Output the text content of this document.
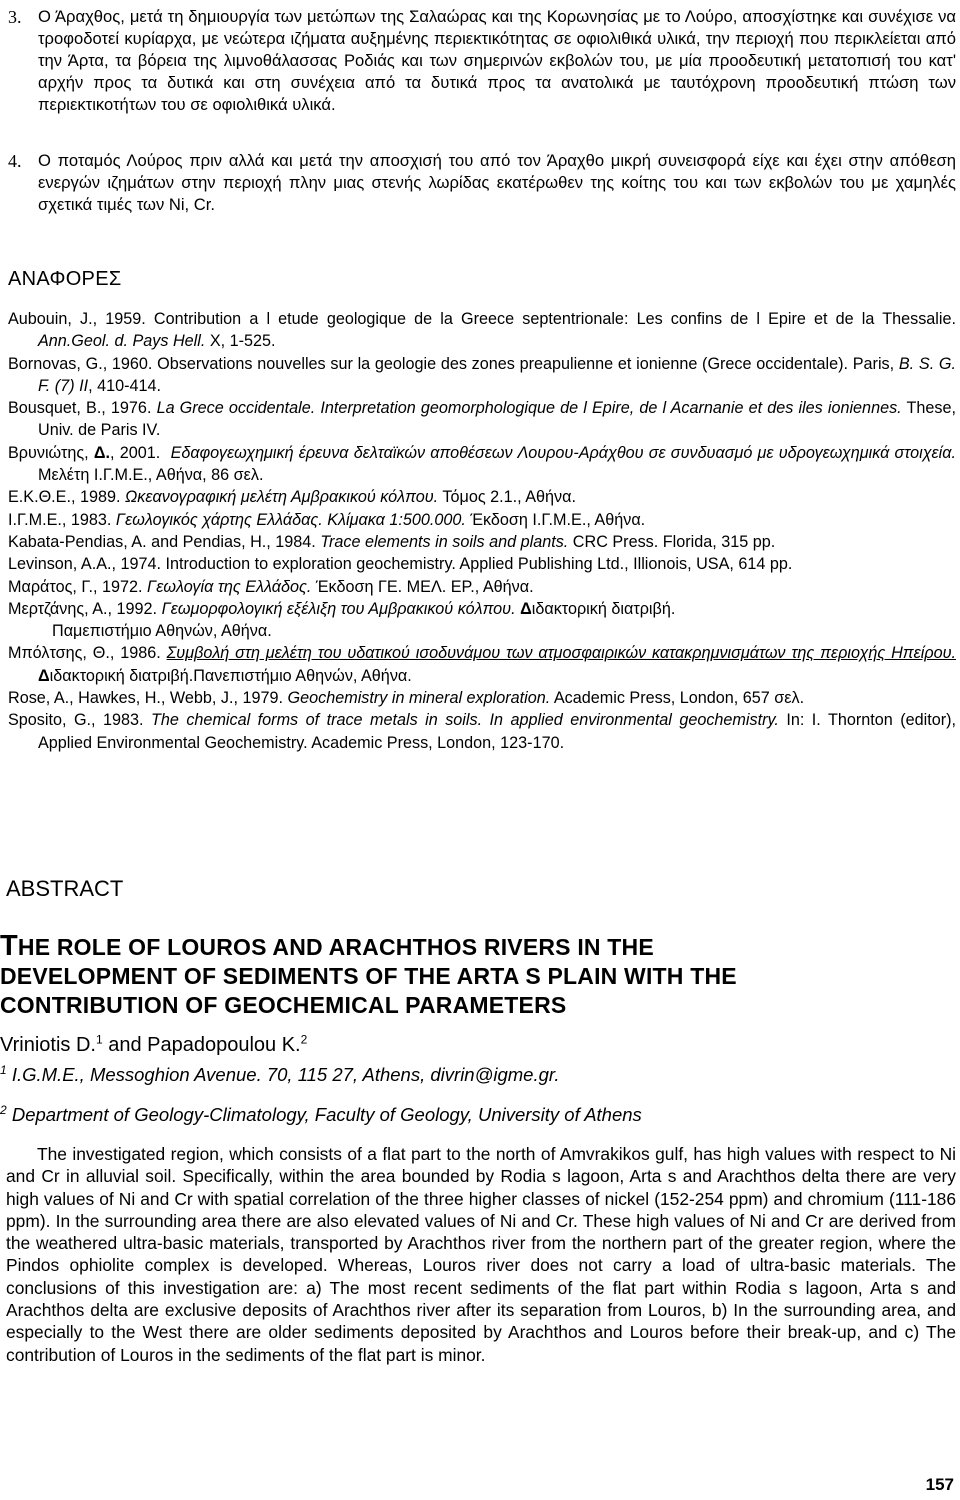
3. Ο Άραχθος, μετά τη δημιουργία των μετώπων της Σαλαώρας και της Κορωνησίας με το Λούρο, αποσχίστηκε και συνέχισε να τροφοδοτεί κυρίαρχα, με νεώτερα ιζήματα αυξημένης περιεκτικότητας σε οφιολιθικά υλικά, την περιοχή που περικλείεται από την Άρτα, τα βόρεια της λιμνοθάλασσας Ροδιάς και των σημερινών εκβολών του, με μία προοδευτική μετατοπισή του κατ' αρχήν προς τα δυτικά και στη συνέχεια από τα δυτικά προς τα ανατολικά με ταυτόχρονη προοδευτική πτώση των περιεκτικοτήτων του σε οφιολιθικά υλικά.
4. Ο ποταμός Λούρος πριν αλλά και μετά την αποσχισή του από τον Άραχθο μικρή συνεισφορά είχε και έχει στην απόθεση ενεργών ιζημάτων στην περιοχή πλην μιας στενής λωρίδας εκατέρωθεν της κοίτης του και των εκβολών του με χαμηλές σχετικά τιμές των Ni, Cr.
ΑΝΑΦΟΡΕΣ

Aubouin, J., 1959. Contribution a l etude geologique de la Greece septentrionale: Les confins de l Epire et de la Thessalie. Ann.Geol. d. Pays Hell. X, 1-525.

Bornovas, G., 1960. Observations nouvelles sur la geologie des zones preapulienne et ionienne (Grece occidentale). Paris, B. S. G. F. (7) II, 410-414.

Bousquet, B., 1976. La Grece occidentale. Interpretation geomorphologique de l Epire, de l Acarnanie et des iles ioniennes. These, Univ. de Paris IV.

Βρυνιώτης, Δ., 2001. Εδαφογεωχημική έρευνα δελταϊκών αποθέσεων Λουρου-Αράχθου σε συνδυασμό με υδρογεωχημικά στοιχεία. Μελέτη Ι.Γ.Μ.Ε., Αθήνα, 86 σελ.

Ε.Κ.Θ.Ε., 1989. Ωκεανογραφική μελέτη Αμβρακικού κόλπου. Τόμος 2.1., Αθήνα.

Ι.Γ.Μ.Ε., 1983. Γεωλογικός χάρτης Ελλάδας. Κλίμακα 1:500.000. Έκδοση Ι.Γ.Μ.Ε., Αθήνα.

Kabata-Pendias, A. and Pendias, H., 1984. Trace elements in soils and plants. CRC Press. Florida, 315 pp.

Levinson, A.A., 1974. Introduction to exploration geochemistry. Applied Publishing Ltd., Illionois, USA, 614 pp.

Μαράτος, Γ., 1972. Γεωλογία της Ελλάδος. Έκδοση ΓΕ. ΜΕΛ. ΕΡ., Αθήνα.

Μερτζάνης, Α., 1992. Γεωμορφολογική εξέλιξη του Αμβρακικού κόλπου. Διδακτορική διατριβή.

Παμεπιστήμιο Αθηνών, Αθήνα.

Μπόλτσης, Θ., 1986. Συμβολή στη μελέτη του υδατικού ισοδυνάμου των ατμοσφαιρικών κατακρημνισμάτων της περιοχής Ηπείρου. Διδακτορική διατριβή.Πανεπιστήμιο Αθηνών, Αθήνα.

Rose, A., Hawkes, H., Webb, J., 1979. Geochemistry in mineral exploration. Academic Press, London, 657 σελ.

Sposito, G., 1983. The chemical forms of trace metals in soils. In applied environmental geochemistry. In: I. Thornton (editor), Applied Environmental Geochemistry. Academic Press, London, 123-170.

ABSTRACT
THE ROLE OF LOUROS AND ARACHTHOS RIVERS IN THE
DEVELOPMENT OF SEDIMENTS OF THE ARTA S PLAIN WITH THE
CONTRIBUTION OF GEOCHEMICAL PARAMETERS
Vriniotis D.$^1$ and Papadopoulou K.$^2$
$^1$ I.G.M.E., Messoghion Avenue. 70, 115 27, Athens, divrin@igme.gr.
$^2$ Department of Geology-Climatology, Faculty of Geology, University of Athens

The investigated region, which consists of a flat part to the north of Amvrakikos gulf, has high values with respect to Ni and Cr in alluvial soil. Specifically, within the area bounded by Rodia s lagoon, Arta s and Arachthos delta there are very high values of Ni and Cr with spatial correlation of the three higher classes of nickel (152-254 ppm) and chromium (111-186 ppm). In the surrounding area there are also elevated values of Ni and Cr. These high values of Ni and Cr are derived from the weathered ultra-basic materials, transported by Arachthos river from the northern part of the greater region, where the Pindos ophiolite complex is developed. Whereas, Louros river does not carry a load of ultra-basic materials. The conclusions of this investigation are: a) The most recent sediments of the flat part within Rodia s lagoon, Arta s and Arachthos delta are exclusive deposits of Arachthos river after its separation from Louros, b) In the surrounding area, and especially to the West there are older sediments deposited by Arachthos and Louros before their break-up, and c) The contribution of Louros in the sediments of the flat part is minor.

157
